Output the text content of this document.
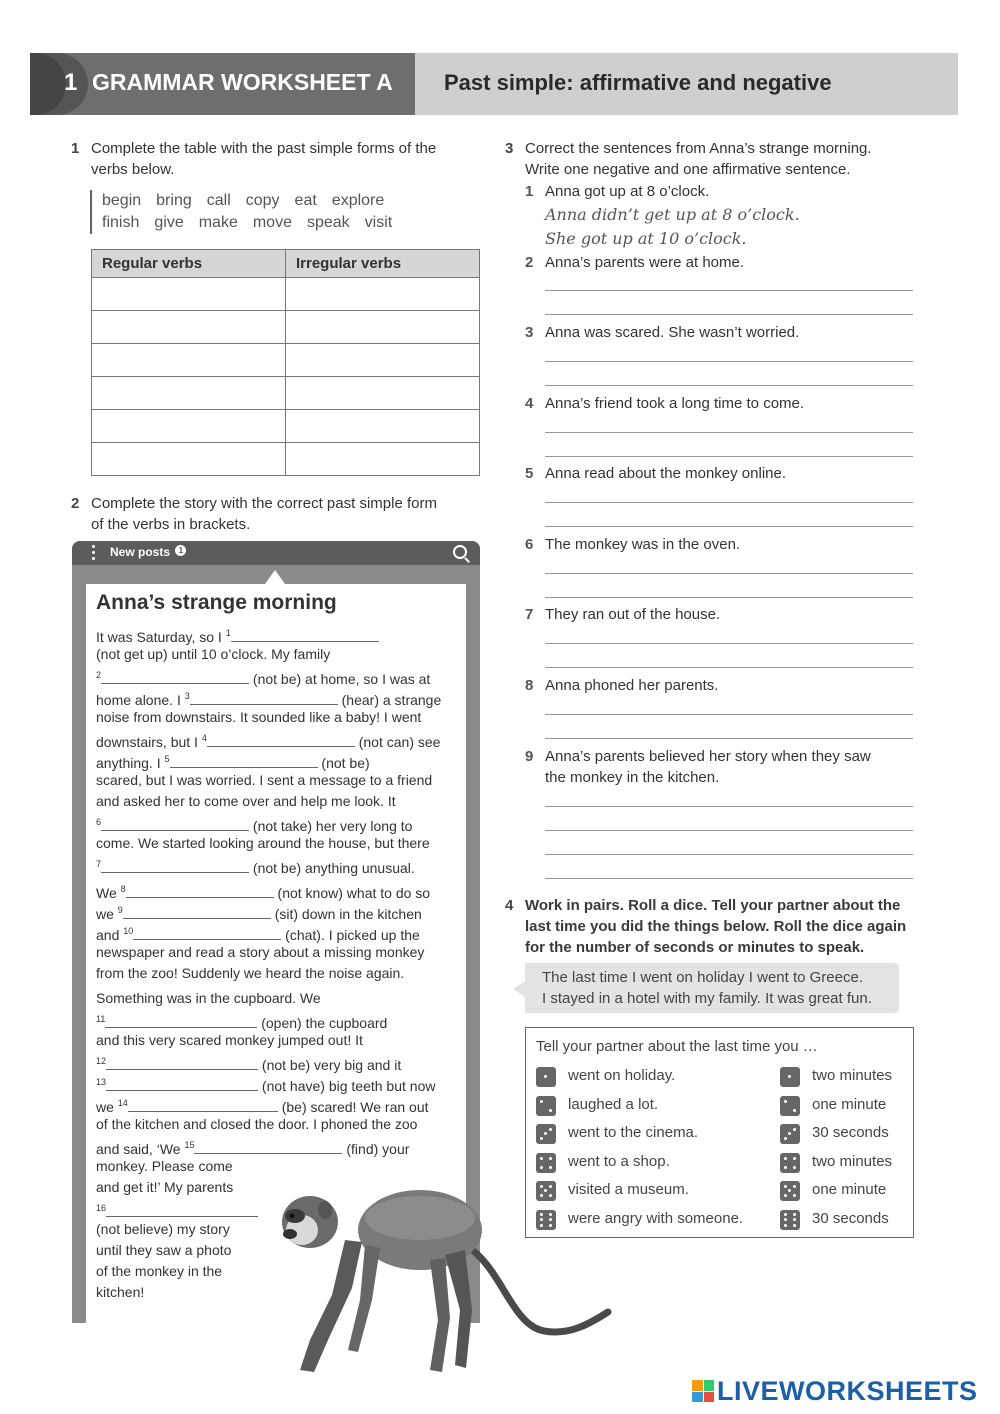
1 GRAMMAR WORKSHEET A Past simple: affirmative and negative
1 Complete the table with the past simple forms of the
verbs below.
begin bring call copy eat explore
finish give make move speak visit
Regular verbs	Irregular verbs

2 Complete the story with the correct past simple form
of the verbs in brackets.
New posts 1
Anna’s strange morning
It was Saturday, so I $^1$
(not get up) until 10 o’clock. My family
$^2$	(not be) at home, so I was at
home alone. I $^3$	(hear) a strange
noise from downstairs. It sounded like a baby! I went
downstairs, but I $^4$	(not can) see
anything. I $^5$	(not be)
scared, but I was worried. I sent a message to a friend
and asked her to come over and help me look. It
$^6$	(not take) her very long to
come. We started looking around the house, but there
$^7$	(not be) anything unusual.
We $^8$	(not know) what to do so
we $^9$	(sit) down in the kitchen
and $^{10}$	(chat). I picked up the
newspaper and read a story about a missing monkey
from the zoo! Suddenly we heard the noise again.
Something was in the cupboard. We
$^{11}$	(open) the cupboard
and this very scared monkey jumped out! It
$^{12}$	(not be) very big and it
$^{13}$	(not have) big teeth but now
we $^{14}$	(be) scared! We ran out
of the kitchen and closed the door. I phoned the zoo
and said, ‘We $^{15}$	(find) your
monkey. Please come
and get it!’ My parents
$^{16}$
(not believe) my story
until they saw a photo
of the monkey in the
kitchen!
3 Correct the sentences from Anna’s strange morning.
Write one negative and one affirmative sentence.
1 Anna got up at 8 o’clock.
Anna didn’t get up at 8 o’clock.
She got up at 10 o’clock.
2 Anna’s parents were at home.
3 Anna was scared. She wasn’t worried.
4 Anna’s friend took a long time to come.
5 Anna read about the monkey online.
6 The monkey was in the oven.
7 They ran out of the house.
8 Anna phoned her parents.
9 Anna’s parents believed her story when they saw
the monkey in the kitchen.
4 Work in pairs. Roll a dice. Tell your partner about the
last time you did the things below. Roll the dice again
for the number of seconds or minutes to speak.
The last time I went on holiday I went to Greece.
I stayed in a hotel with my family. It was great fun.
Tell your partner about the last time you …
went on holiday.	two minutes
laughed a lot.	one minute
went to the cinema.	30 seconds
went to a shop.	two minutes
visited a museum.	one minute
were angry with someone.	30 seconds
LIVEWORKSHEETS
